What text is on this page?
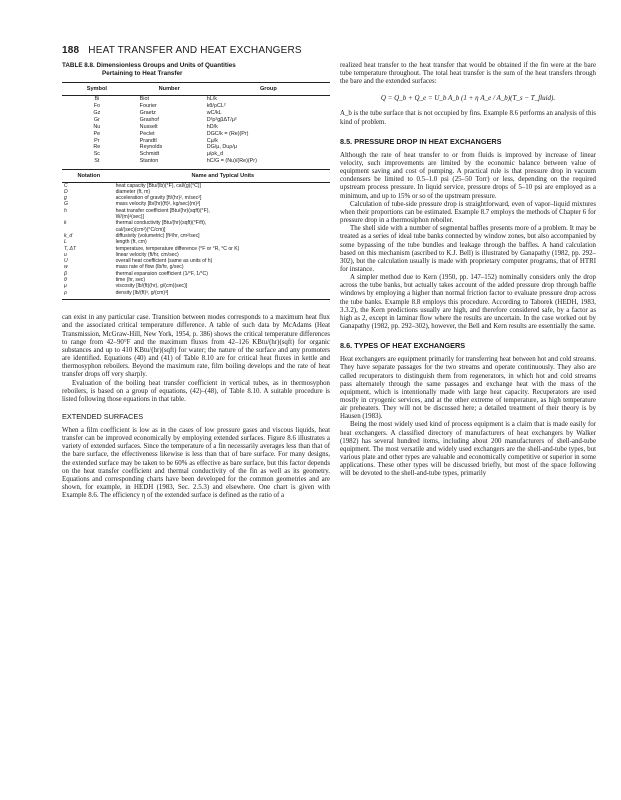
188 HEAT TRANSFER AND HEAT EXCHANGERS
TABLE 8.8. Dimensionless Groups and Units of Quantities
Pertaining to Heat Transfer
Symbol	Number	Group
Bi	Biot	hL/k
Fo	Fourier	kθ/ρCL²
Gz	Graetz	wC/kL
Gr	Grashof	D³ρ²gβΔT/μ²
Nu	Nusselt	hD/k
Pe	Peclet	DGC/k = (Re)(Pr)
Pr	Prandtl	Cμ/k
Re	Reynolds	DG/μ, Duρ/μ
Sc	Schmidt	μ/ρk_d
St	Stanton	hC/G = (Nu)/(Re)(Pr)
Notation	Name and Typical Units
C	heat capacity [Btu/(lb)(°F), cal/(g)(°C)]
D	diameter (ft, m)
g	acceleration of gravity [ft/(hr)², m/sec²]
G	mass velocity [lb/(hr)(ft)², kg/sec)(m)²]
h	heat transfer coefficient [Btu/(hr)(sqft)(°F),
	W/(m)²(sec)]
k	thermal conductivity [Btu/(hr)(sqft)(°F/ft),
	cal/(sec)(cm²)(°C/cm)]
k_d	diffusivity (volumetric) [ft²/hr, cm²/sec]
L	length (ft, cm)
T, ΔT	temperature, temperature difference (°F or °R, °C or K)
u	linear velocity (ft/hr, cm/sec)
U	overall heat coefficient (same as units of h)
w	mass rate of flow (lb/hr, g/sec)
β	thermal expansion coefficient (1/°F, 1/°C)
θ	time (hr, sec)
μ	viscosity [lb/(ft)(hr), g/(cm)(sec)]
ρ	density [lb/(ft)³, g/(cm)³]

can exist in any particular case. Transition between modes corresponds to a maximum heat flux and the associated critical temperature difference. A table of such data by McAdams (Heat Transmission, McGraw-Hill, New York, 1954, p. 386) shows the critical temperature differences to range from 42–90°F and the maximum fluxes from 42–126 KBtu/(hr)(sqft) for organic substances and up to 410 KBtu/(hr)(sqft) for water; the nature of the surface and any promoters are identified. Equations (40) and (41) of Table 8.10 are for critical heat fluxes in kettle and thermosyphon reboilers. Beyond the maximum rate, film boiling develops and the rate of heat transfer drops off very sharply.

Evaluation of the boiling heat transfer coefficient in vertical tubes, as in thermosyphon reboilers, is based on a group of equations, (42)–(48), of Table 8.10. A suitable procedure is listed following those equations in that table.

EXTENDED SURFACES

When a film coefficient is low as in the cases of low pressure gases and viscous liquids, heat transfer can be improved economically by employing extended surfaces. Figure 8.6 illustrates a variety of extended surfaces. Since the temperature of a fin necessarily averages less than that of the bare surface, the effectiveness likewise is less than that of bare surface. For many designs, the extended surface may be taken to be 60% as effective as bare surface, but this factor depends on the heat transfer coefficient and thermal conductivity of the fin as well as its geometry. Equations and corresponding charts have been developed for the common geometries and are shown, for example, in HEDH (1983, Sec. 2.5.3) and elsewhere. One chart is given with Example 8.6. The efficiency η of the extended surface is defined as the ratio of a

realized heat transfer to the heat transfer that would be obtained if the fin were at the bare tube temperature throughout. The total heat transfer is the sum of the heat transfers through the bare and the extended surfaces:

Q = Q_b + Q_e = U_b A_b (1 + η A_e / A_b)(T_s − T_fluid).

A_b is the tube surface that is not occupied by fins. Example 8.6 performs an analysis of this kind of problem.

8.5. PRESSURE DROP IN HEAT EXCHANGERS

Although the rate of heat transfer to or from fluids is improved by increase of linear velocity, such improvements are limited by the economic balance between value of equipment saving and cost of pumping. A practical rule is that pressure drop in vacuum condensers be limited to 0.5–1.0 psi (25–50 Torr) or less, depending on the required upstream process pressure. In liquid service, pressure drops of 5–10 psi are employed as a minimum, and up to 15% or so of the upstream pressure.

Calculation of tube-side pressure drop is straightforward, even of vapor–liquid mixtures when their proportions can be estimated. Example 8.7 employs the methods of Chapter 6 for pressure drop in a thermosiphon reboiler.

The shell side with a number of segmental baffles presents more of a problem. It may be treated as a series of ideal tube banks connected by window zones, but also accompanied by some bypassing of the tube bundles and leakage through the baffles. A hand calculation based on this mechanism (ascribed to K.J. Bell) is illustrated by Ganapathy (1982, pp. 292–302), but the calculation usually is made with proprietary computer programs, that of HTRI for instance.

A simpler method due to Kern (1950, pp. 147–152) nominally considers only the drop across the tube banks, but actually takes account of the added pressure drop through baffle windows by employing a higher than normal friction factor to evaluate pressure drop across the tube banks. Example 8.8 employs this procedure. According to Taborek (HEDH, 1983, 3.3.2), the Kern predictions usually are high, and therefore considered safe, by a factor as high as 2, except in laminar flow where the results are uncertain. In the case worked out by Ganapathy (1982, pp. 292–302), however, the Bell and Kern results are essentially the same.

8.6. TYPES OF HEAT EXCHANGERS

Heat exchangers are equipment primarily for transferring heat between hot and cold streams. They have separate passages for the two streams and operate continuously. They also are called recuperators to distinguish them from regenerators, in which hot and cold streams pass alternately through the same passages and exchange heat with the mass of the equipment, which is intentionally made with large heat capacity. Recuperators are used mostly in cryogenic services, and at the other extreme of temperature, as high temperature air preheaters. They will not be discussed here; a detailed treatment of their theory is by Hausen (1983).

Being the most widely used kind of process equipment is a claim that is made easily for heat exchangers. A classified directory of manufacturers of heat exchangers by Walker (1982) has several hundred items, including about 200 manufacturers of shell-and-tube equipment. The most versatile and widely used exchangers are the shell-and-tube types, but various plate and other types are valuable and economically competitive or superior in some applications. These other types will be discussed briefly, but most of the space following will be devoted to the shell-and-tube types, primarily
